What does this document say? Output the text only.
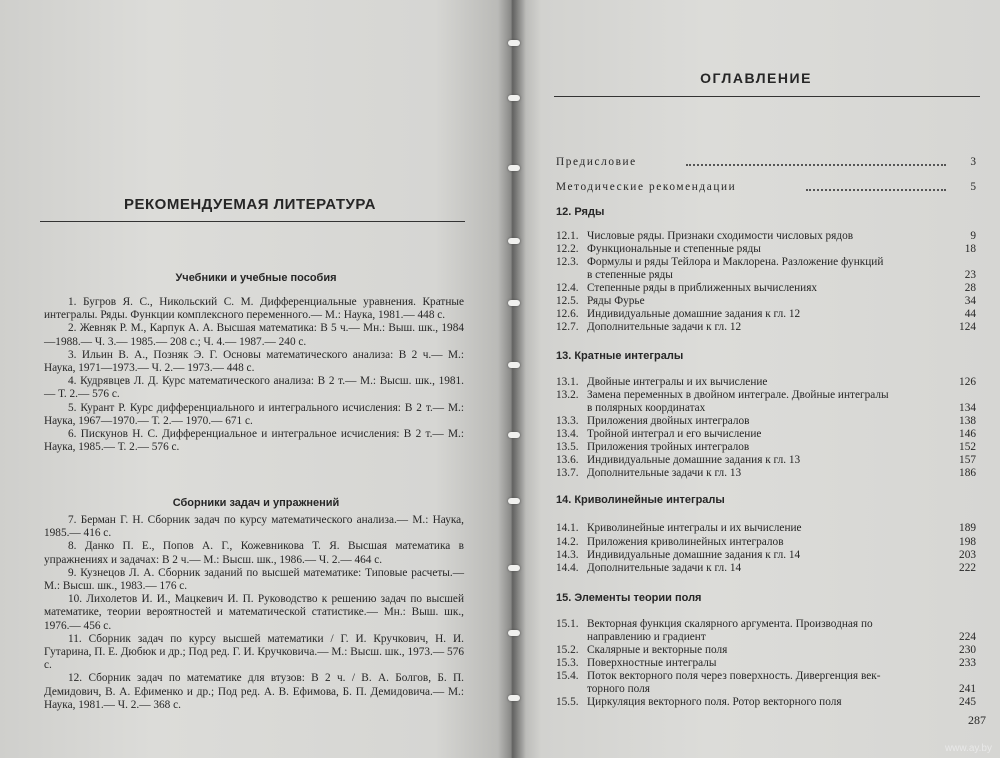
РЕКОМЕНДУЕМАЯ ЛИТЕРАТУРА
Учебники и учебные пособия
1. Бугров Я. С., Никольский С. М. Дифференциальные уравнения. Кратные интегралы. Ряды. Функции комплексного переменного.— М.: Наука, 1981.— 448 с.
2. Жевняк Р. М., Карпук А. А. Высшая математика: В 5 ч.— Мн.: Выш. шк., 1984—1988.— Ч. 3.— 1985.— 208 с.; Ч. 4.— 1987.— 240 с.
3. Ильин В. А., Позняк Э. Г. Основы математического анализа: В 2 ч.— М.: Наука, 1971—1973.— Ч. 2.— 1973.— 448 с.
4. Кудрявцев Л. Д. Курс математического анализа: В 2 т.— М.: Высш. шк., 1981.— Т. 2.— 576 с.
5. Курант Р. Курс дифференциального и интегрального исчисления: В 2 т.— М.: Наука, 1967—1970.— Т. 2.— 1970.— 671 с.
6. Пискунов Н. С. Дифференциальное и интегральное исчисления: В 2 т.— М.: Наука, 1985.— Т. 2.— 576 с.
Сборники задач и упражнений
7. Берман Г. Н. Сборник задач по курсу математического анализа.— М.: Наука, 1985.— 416 с.
8. Данко П. Е., Попов А. Г., Кожевникова Т. Я. Высшая математика в упражнениях и задачах: В 2 ч.— М.: Высш. шк., 1986.— Ч. 2.— 464 с.
9. Кузнецов Л. А. Сборник заданий по высшей математике: Типовые расчеты.— М.: Высш. шк., 1983.— 176 с.
10. Лихолетов И. И., Мацкевич И. П. Руководство к решению задач по высшей математике, теории вероятностей и математической статистике.— Мн.: Выш. шк., 1976.— 456 с.
11. Сборник задач по курсу высшей математики / Г. И. Кручкович, Н. И. Гутарина, П. Е. Дюбюк и др.; Под ред. Г. И. Кручковича.— М.: Высш. шк., 1973.— 576 с.
12. Сборник задач по математике для втузов: В 2 ч. / В. А. Болгов, Б. П. Демидович, В. А. Ефименко и др.; Под ред. А. В. Ефимова, Б. П. Демидовича.— М.: Наука, 1981.— Ч. 2.— 368 с.
ОГЛАВЛЕНИЕ
Предисловие	3
Методические рекомендации	5
12. Ряды
12.1. Числовые ряды. Признаки сходимости числовых рядов	9
12.2. Функциональные и степенные ряды	18
12.3. Формулы и ряды Тейлора и Маклорена. Разложение функций
в степенные ряды	23
12.4. Степенные ряды в приближенных вычислениях	28
12.5. Ряды Фурье	34
12.6. Индивидуальные домашние задания к гл. 12	44
12.7. Дополнительные задачи к гл. 12	124
13. Кратные интегралы
13.1. Двойные интегралы и их вычисление	126
13.2. Замена переменных в двойном интеграле. Двойные интегралы
в полярных координатах	134
13.3. Приложения двойных интегралов	138
13.4. Тройной интеграл и его вычисление	146
13.5. Приложения тройных интегралов	152
13.6. Индивидуальные домашние задания к гл. 13	157
13.7. Дополнительные задачи к гл. 13	186
14. Криволинейные интегралы
14.1. Криволинейные интегралы и их вычисление	189
14.2. Приложения криволинейных интегралов	198
14.3. Индивидуальные домашние задания к гл. 14	203
14.4. Дополнительные задачи к гл. 14	222
15. Элементы теории поля
15.1. Векторная функция скалярного аргумента. Производная по
направлению и градиент	224
15.2. Скалярные и векторные поля	230
15.3. Поверхностные интегралы	233
15.4. Поток векторного поля через поверхность. Дивергенция век-
торного поля	241
15.5. Циркуляция векторного поля. Ротор векторного поля	245
287
www.ay.by
